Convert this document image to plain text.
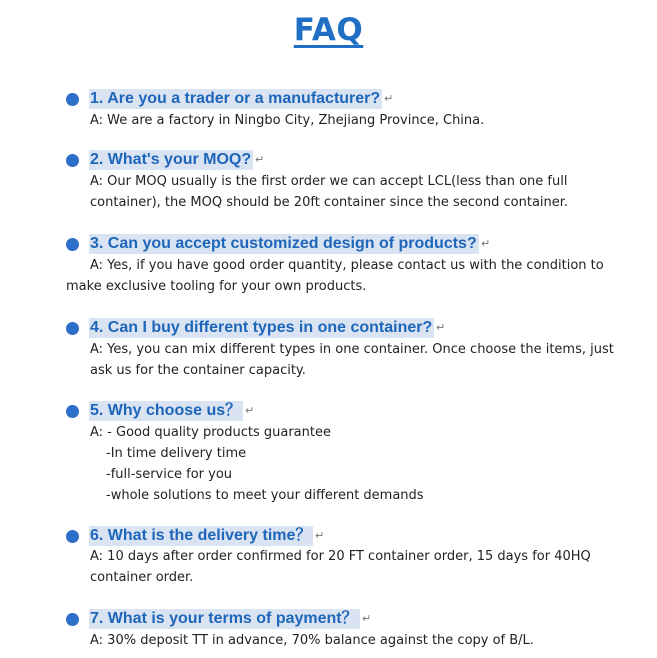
FAQ
1. Are you a trader or a manufacturer? ↵
A: We are a factory in Ningbo City, Zhejiang Province, China.
2. What's your MOQ? ↵
A: Our MOQ usually is the first order we can accept LCL(less than one full
container), the MOQ should be 20ft container since the second container.
3. Can you accept customized design of products? ↵
A: Yes, if you have good order quantity, please contact us with the condition to
make exclusive tooling for your own products.
4. Can I buy different types in one container? ↵
A: Yes, you can mix different types in one container. Once choose the items, just
ask us for the container capacity.
5. Why choose us？ ↵
A: - Good quality products guarantee
-In time delivery time
-full-service for you
-whole solutions to meet your different demands
6. What is the delivery time？ ↵
A: 10 days after order confirmed for 20 FT container order, 15 days for 40HQ
container order.
7. What is your terms of payment？ ↵
A: 30% deposit TT in advance, 70% balance against the copy of B/L.
